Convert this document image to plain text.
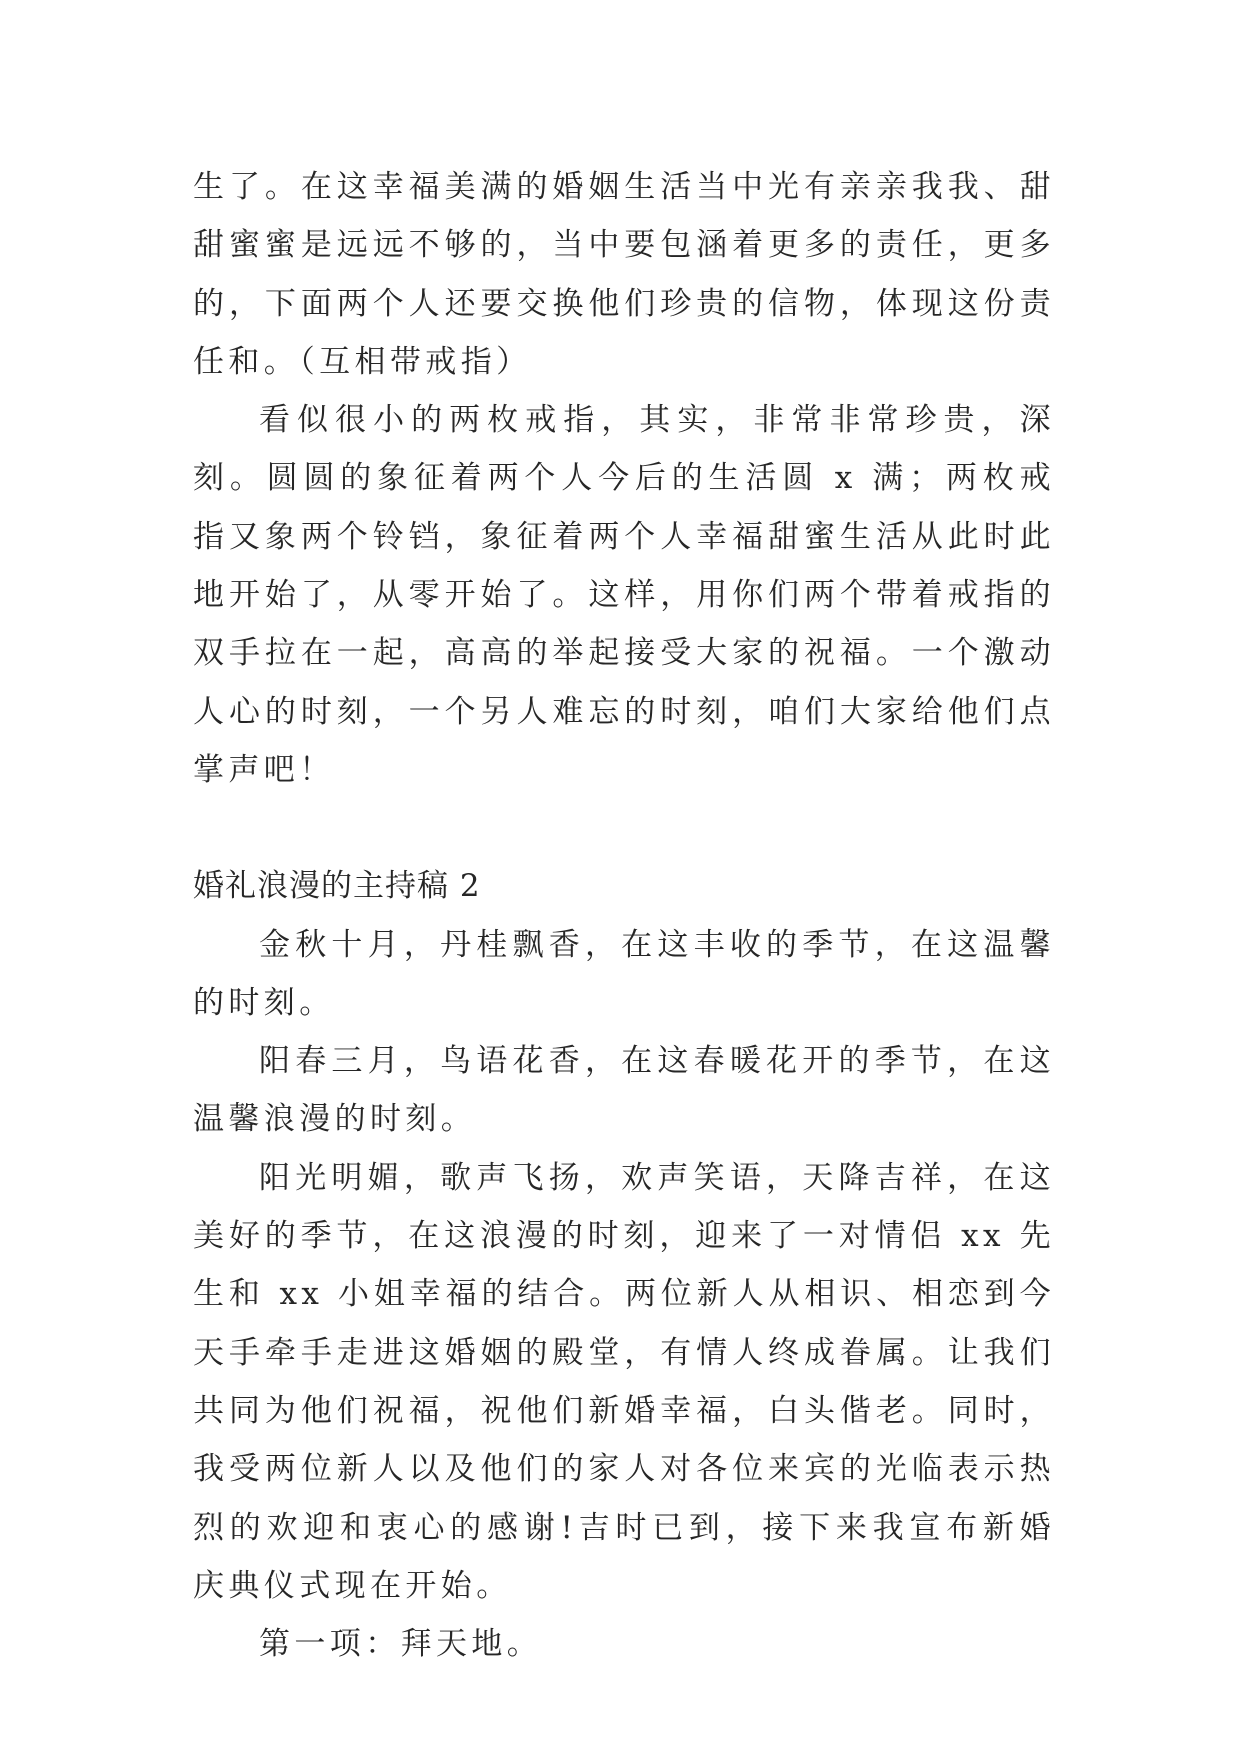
生了。在这幸福美满的婚姻生活当中光有亲亲我我、甜甜蜜蜜是远远不够的，当中要包涵着更多的责任，更多的，下面两个人还要交换他们珍贵的信物，体现这份责任和。（互相带戒指）

看似很小的两枚戒指，其实，非常非常珍贵，深刻。圆圆的象征着两个人今后的生活圆 x 满；两枚戒指又象两个铃铛，象征着两个人幸福甜蜜生活从此时此地开始了，从零开始了。这样，用你们两个带着戒指的双手拉在一起，高高的举起接受大家的祝福。一个激动人心的时刻，一个另人难忘的时刻，咱们大家给他们点掌声吧！

婚礼浪漫的主持稿 2

金秋十月，丹桂飘香，在这丰收的季节，在这温馨的时刻。

阳春三月，鸟语花香，在这春暖花开的季节，在这温馨浪漫的时刻。

阳光明媚，歌声飞扬，欢声笑语，天降吉祥，在这美好的季节，在这浪漫的时刻，迎来了一对情侣 xx 先生和 xx 小姐幸福的结合。两位新人从相识、相恋到今天手牵手走进这婚姻的殿堂，有情人终成眷属。让我们共同为他们祝福，祝他们新婚幸福，白头偕老。同时，我受两位新人以及他们的家人对各位来宾的光临表示热烈的欢迎和衷心的感谢!吉时已到，接下来我宣布新婚庆典仪式现在开始。

第一项：拜天地。
